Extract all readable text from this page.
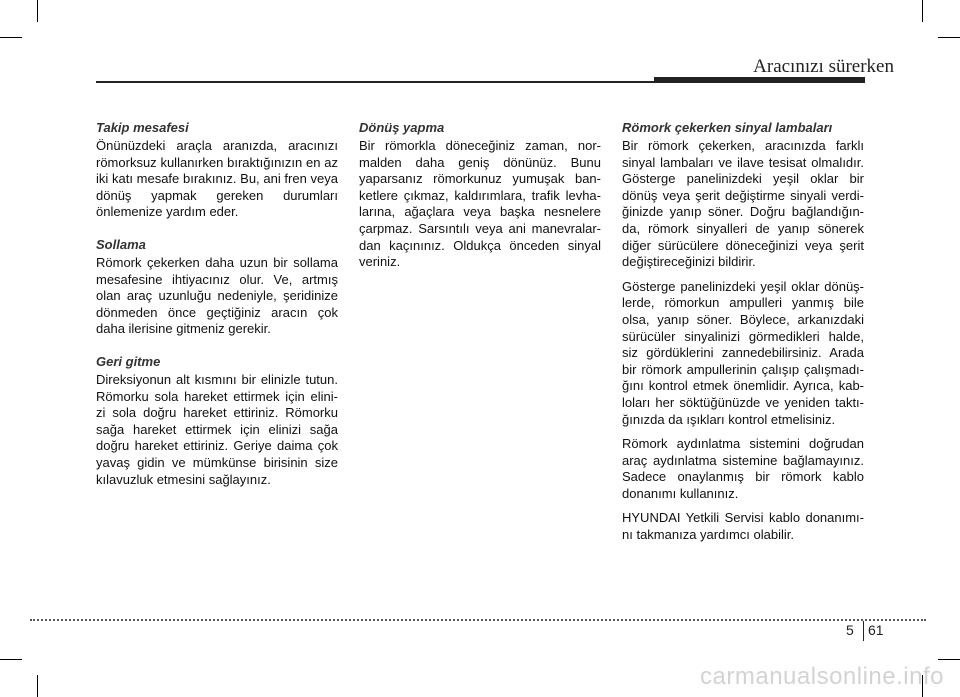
Aracınızı sürerken
Takip mesafesi

Önünüzdeki araçla aranızda, aracınızı römorksuz kullanırken bıraktığınızın en az iki katı mesafe bırakınız. Bu, ani fren veya dönüş yapmak gereken durumları önlemenize yardım eder.

Sollama

Römork çekerken daha uzun bir sollama mesafesine ihtiyacınız olur. Ve, artmış olan araç uzunluğu nedeniyle, şeridinize dönmeden önce geçtiğiniz aracın çok daha ilerisine gitmeniz gerekir.

Geri gitme

Direksiyonun alt kısmını bir elinizle tutun. Römorku sola hareket ettirmek için elini- zi sola doğru hareket ettiriniz. Römorku sağa hareket ettirmek için elinizi sağa doğru hareket ettiriniz. Geriye daima çok yavaş gidin ve mümkünse birisinin size kılavuzluk etmesini sağlayınız.

Dönüş yapma

Bir römorkla döneceğiniz zaman, nor- malden daha geniş dönünüz. Bunu yaparsanız römorkunuz yumuşak ban- ketlere çıkmaz, kaldırımlara, trafik levha- larına, ağaçlara veya başka nesnelere çarpmaz. Sarsıntılı veya ani manevralar- dan kaçınınız. Oldukça önceden sinyal veriniz.

Römork çekerken sinyal lambaları

Bir römork çekerken, aracınızda farklı sinyal lambaları ve ilave tesisat olmalıdır. Gösterge panelinizdeki yeşil oklar bir dönüş veya şerit değiştirme sinyali verdi- ğinizde yanıp söner. Doğru bağlandığın- da, römork sinyalleri de yanıp sönerek diğer sürücülere döneceğinizi veya şerit değiştireceğinizi bildirir.

Gösterge panelinizdeki yeşil oklar dönüş- lerde, römorkun ampulleri yanmış bile olsa, yanıp söner. Böylece, arkanızdaki sürücüler sinyalinizi görmedikleri halde, siz gördüklerini zannedebilirsiniz. Arada bir römork ampullerinin çalışıp çalışmadı- ğını kontrol etmek önemlidir. Ayrıca, kab- loları her söktüğünüzde ve yeniden taktı- ğınızda da ışıkları kontrol etmelisiniz.

Römork aydınlatma sistemini doğrudan araç aydınlatma sistemine bağlamayınız. Sadece onaylanmış bir römork kablo donanımı kullanınız.

HYUNDAI Yetkili Servisi kablo donanımı- nı takmanıza yardımcı olabilir.

5 61
carmanualsonline.info
